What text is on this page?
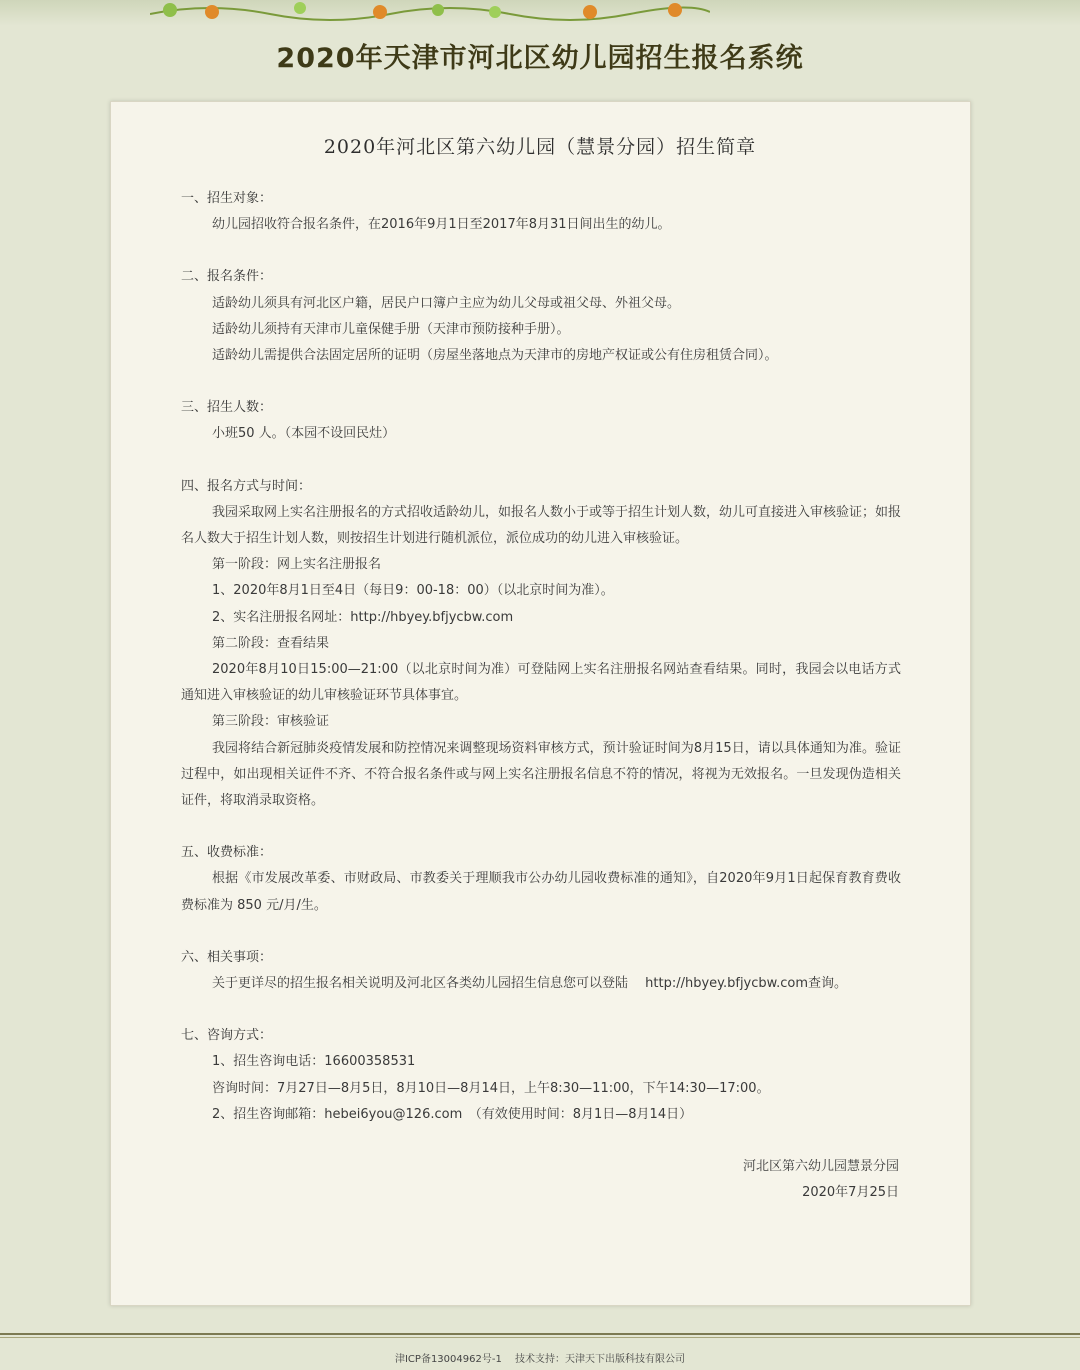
2020年天津市河北区幼儿园招生报名系统
2020年河北区第六幼儿园（慧景分园）招生简章
一、招生对象：
幼儿园招收符合报名条件，在2016年9月1日至2017年8月31日间出生的幼儿。
二、报名条件：
适龄幼儿须具有河北区户籍，居民户口簿户主应为幼儿父母或祖父母、外祖父母。
适龄幼儿须持有天津市儿童保健手册（天津市预防接种手册）。
适龄幼儿需提供合法固定居所的证明（房屋坐落地点为天津市的房地产权证或公有住房租赁合同）。
三、招生人数：
小班50 人。（本园不设回民灶）
四、报名方式与时间：
我园采取网上实名注册报名的方式招收适龄幼儿，如报名人数小于或等于招生计划人数，幼儿可直接进入审核验证；如报名人数大于招生计划人数，则按招生计划进行随机派位，派位成功的幼儿进入审核验证。
第一阶段：网上实名注册报名
1、2020年8月1日至4日（每日9：00-18：00）（以北京时间为准）。
2、实名注册报名网址：http://hbyey.bfjycbw.com
第二阶段：查看结果
2020年8月10日15:00—21:00（以北京时间为准）可登陆网上实名注册报名网站查看结果。同时，我园会以电话方式通知进入审核验证的幼儿审核验证环节具体事宜。
第三阶段：审核验证
我园将结合新冠肺炎疫情发展和防控情况来调整现场资料审核方式，预计验证时间为8月15日，请以具体通知为准。验证过程中，如出现相关证件不齐、不符合报名条件或与网上实名注册报名信息不符的情况，将视为无效报名。一旦发现伪造相关证件，将取消录取资格。
五、收费标准：
根据《市发展改革委、市财政局、市教委关于理顺我市公办幼儿园收费标准的通知》，自2020年9月1日起保育教育费收费标准为 850 元/月/生。
六、相关事项：
关于更详尽的招生报名相关说明及河北区各类幼儿园招生信息您可以登陆　 http://hbyey.bfjycbw.com查询。
七、咨询方式：
1、招生咨询电话：16600358531
咨询时间：7月27日—8月5日，8月10日—8月14日，上午8:30—11:00，下午14:30—17:00。
2、招生咨询邮箱：hebei6you@126.com　（有效使用时间：8月1日—8月14日）
河北区第六幼儿园慧景分园
2020年7月25日
津ICP备13004962号-1　 技术支持：天津天下出版科技有限公司
